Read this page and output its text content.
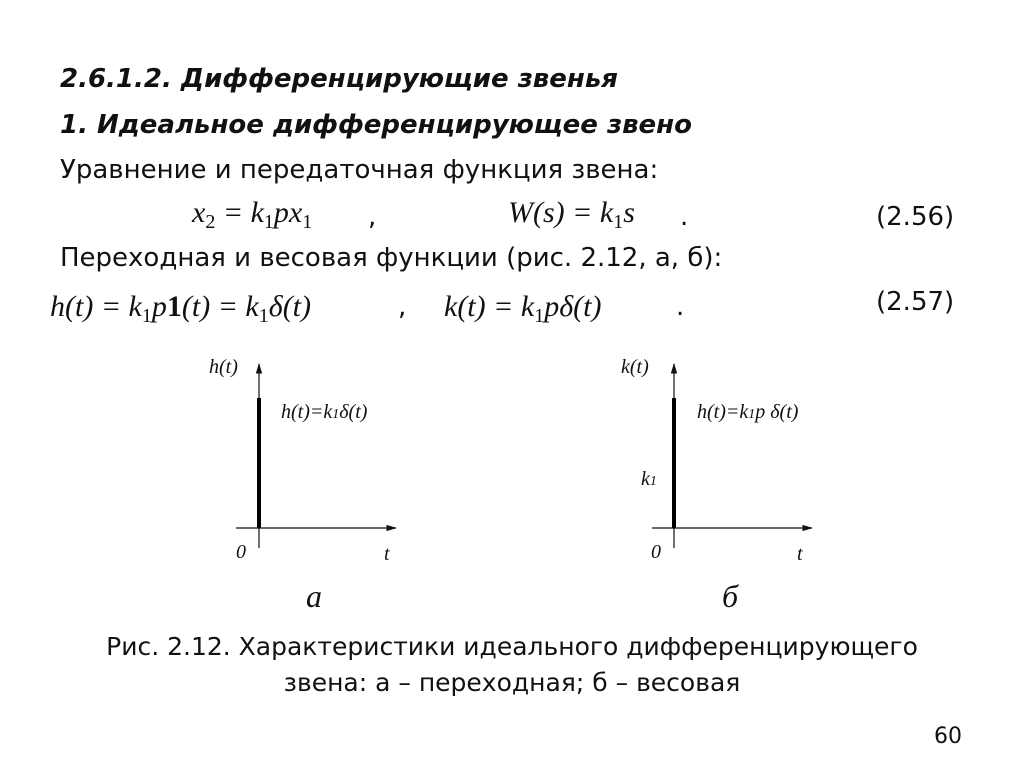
2.6.1.2. Дифференцирующие звенья
1. Идеальное дифференцирующее звено
Уравнение и передаточная функция звена:
$x_2 = k_1px_1$ ,	$W(s) = k_1s$ .	(2.56)
Переходная и весовая функции (рис. 2.12, а, б):
$h(t) = k_1p1(t) = k_1\delta(t)$	, $k(t) = k_1p\delta(t)$	.	(2.57)
h(t)
h(t)=k1δ(t)
0	t
а
k(t)
h(t)=k1p δ(t)
k1
0	t
б
Рис. 2.12. Характеристики идеального дифференцирующего
звена: а – переходная; б – весовая
60
